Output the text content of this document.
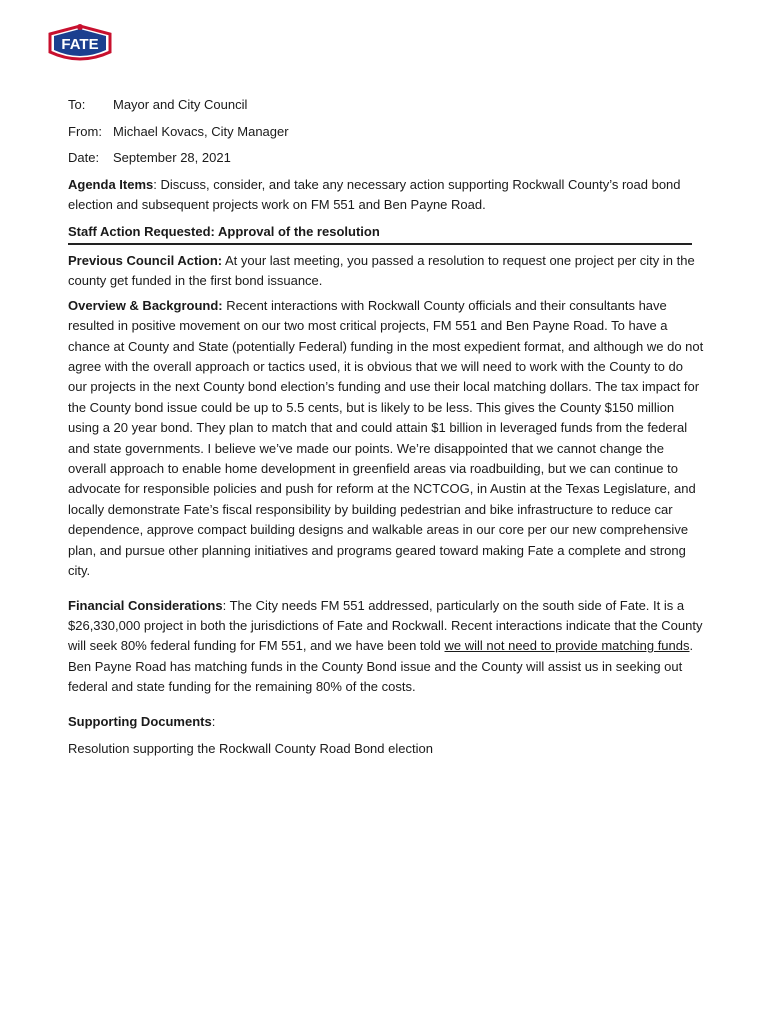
FATE
To:	Mayor and City Council
From: Michael Kovacs, City Manager
Date:	September 28, 2021

Agenda Items: Discuss, consider, and take any necessary action supporting Rockwall County’s road bond election and subsequent projects work on FM 551 and Ben Payne Road.

Staff Action Requested: Approval of the resolution

Previous Council Action: At your last meeting, you passed a resolution to request one project per city in the county get funded in the first bond issuance.

Overview & Background: Recent interactions with Rockwall County officials and their consultants have resulted in positive movement on our two most critical projects, FM 551 and Ben Payne Road. To have a chance at County and State (potentially Federal) funding in the most expedient format, and although we do not agree with the overall approach or tactics used, it is obvious that we will need to work with the County to do our projects in the next County bond election’s funding and use their local matching dollars. The tax impact for the County bond issue could be up to 5.5 cents, but is likely to be less. This gives the County $150 million using a 20 year bond. They plan to match that and could attain $1 billion in leveraged funds from the federal and state governments. I believe we’ve made our points. We’re disappointed that we cannot change the overall approach to enable home development in greenfield areas via roadbuilding, but we can continue to advocate for responsible policies and push for reform at the NCTCOG, in Austin at the Texas Legislature, and locally demonstrate Fate’s fiscal responsibility by building pedestrian and bike infrastructure to reduce car dependence, approve compact building designs and walkable areas in our core per our new comprehensive plan, and pursue other planning initiatives and programs geared toward making Fate a complete and strong city.

Financial Considerations: The City needs FM 551 addressed, particularly on the south side of Fate. It is a $26,330,000 project in both the jurisdictions of Fate and Rockwall. Recent interactions indicate that the County will seek 80% federal funding for FM 551, and we have been told we will not need to provide matching funds. Ben Payne Road has matching funds in the County Bond issue and the County will assist us in seeking out federal and state funding for the remaining 80% of the costs.

Supporting Documents:

Resolution supporting the Rockwall County Road Bond election
